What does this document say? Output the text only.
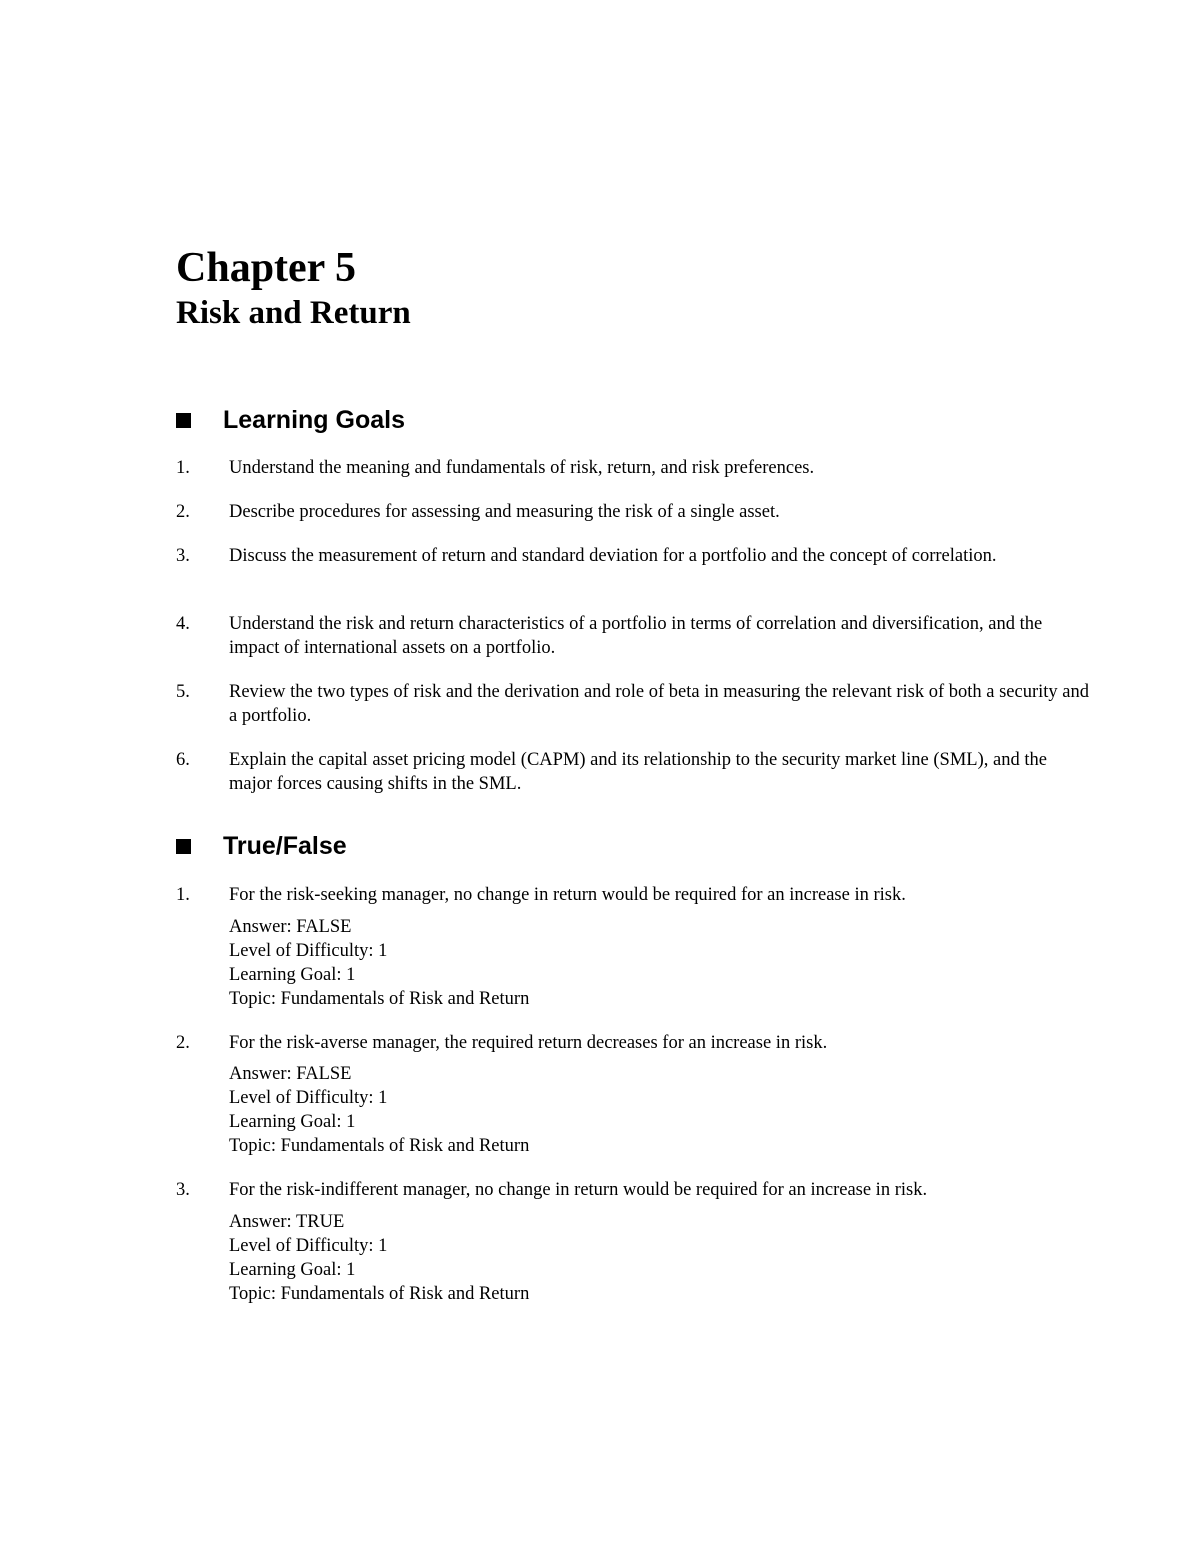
Chapter 5
Risk and Return
Learning Goals
1.	Understand the meaning and fundamentals of risk, return, and risk preferences.
2.	Describe procedures for assessing and measuring the risk of a single asset.
3.	Discuss the measurement of return and standard deviation for a portfolio and the concept of correlation.
4.	Understand the risk and return characteristics of a portfolio in terms of correlation and diversification, and the impact of international assets on a portfolio.
5.	Review the two types of risk and the derivation and role of beta in measuring the relevant risk of both a security and a portfolio.
6.	Explain the capital asset pricing model (CAPM) and its relationship to the security market line (SML), and the major forces causing shifts in the SML.
True/False
1.	For the risk-seeking manager, no change in return would be required for an increase in risk.
Answer: FALSE
Level of Difficulty: 1
Learning Goal: 1
Topic: Fundamentals of Risk and Return
2.	For the risk-averse manager, the required return decreases for an increase in risk.
Answer: FALSE
Level of Difficulty: 1
Learning Goal: 1
Topic: Fundamentals of Risk and Return
3.	For the risk-indifferent manager, no change in return would be required for an increase in risk.
Answer: TRUE
Level of Difficulty: 1
Learning Goal: 1
Topic: Fundamentals of Risk and Return
